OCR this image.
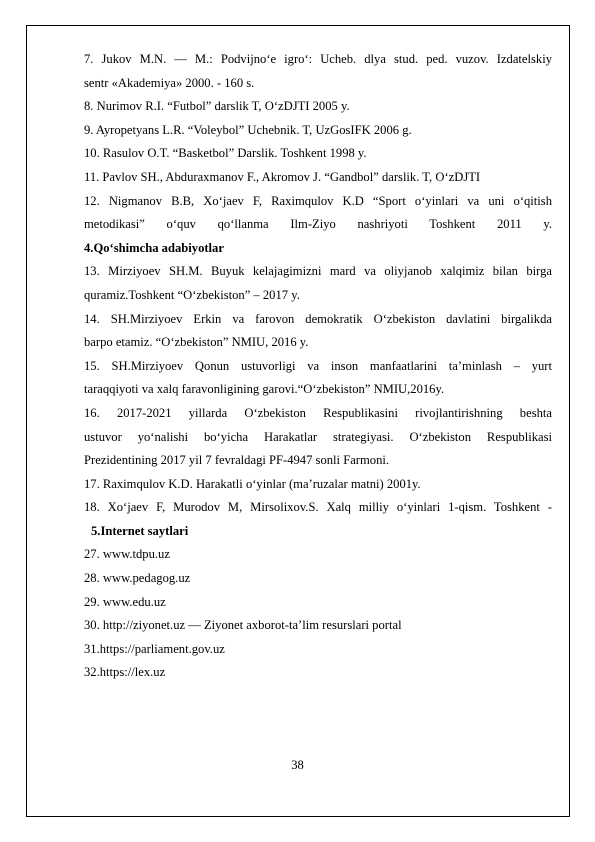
7. Jukov M.N. — M.: Podvijno‘e igro‘: Ucheb. dlya stud. ped. vuzov. Izdatelskiy

sentr «Akademiya» 2000. - 160 s.

8. Nurimov R.I. “Futbol” darslik T, O‘zDJTI 2005 y.

9. Ayropetyans L.R. “Voleybol” Uchebnik. T, UzGosIFK 2006 g.

10. Rasulov O.T. “Basketbol” Darslik. Toshkent 1998 y.

11. Pavlov SH., Abduraxmanov F., Akromov J. “Gandbol” darslik. T, O‘zDJTI

12. Nigmanov B.B, Xo‘jaev F, Raximqulov K.D “Sport o‘yinlari va uni o‘qitish

metodikasi” o‘quv qo‘llanma Ilm-Ziyo nashriyoti Toshkent 2011 y.

4.Qo‘shimcha adabiyotlar

13. Mirziyoev SH.M. Buyuk kelajagimizni mard va oliyjanob xalqimiz bilan birga

quramiz.Toshkent “O‘zbekiston” – 2017 y.

14. SH.Mirziyoev Erkin va farovon demokratik O‘zbekiston davlatini birgalikda

barpo etamiz. “O‘zbekiston” NMIU, 2016 y.

15. SH.Mirziyoev Qonun ustuvorligi va inson manfaatlarini ta’minlash – yurt

taraqqiyoti va xalq faravonligining garovi.“O‘zbekiston” NMIU,2016y.

16. 2017-2021 yillarda O‘zbekiston Respublikasini rivojlantirishning beshta

ustuvor yo‘nalishi bo‘yicha Harakatlar strategiyasi. O‘zbekiston Respublikasi

Prezidentining 2017 yil 7 fevraldagi PF-4947 sonli Farmoni.

17. Raximqulov K.D. Harakatli o‘yinlar (ma’ruzalar matni) 2001y.

18. Xo‘jaev F, Murodov M, Mirsolixov.S. Xalq milliy o‘yinlari 1-qism. Toshkent -

5.Internet saytlari

27. www.tdpu.uz

28. www.pedagog.uz

29. www.edu.uz

30. http://ziyonet.uz — Ziyonet axborot-ta’lim resurslari portal

31.https://parliament.gov.uz

32.https://lex.uz

38
